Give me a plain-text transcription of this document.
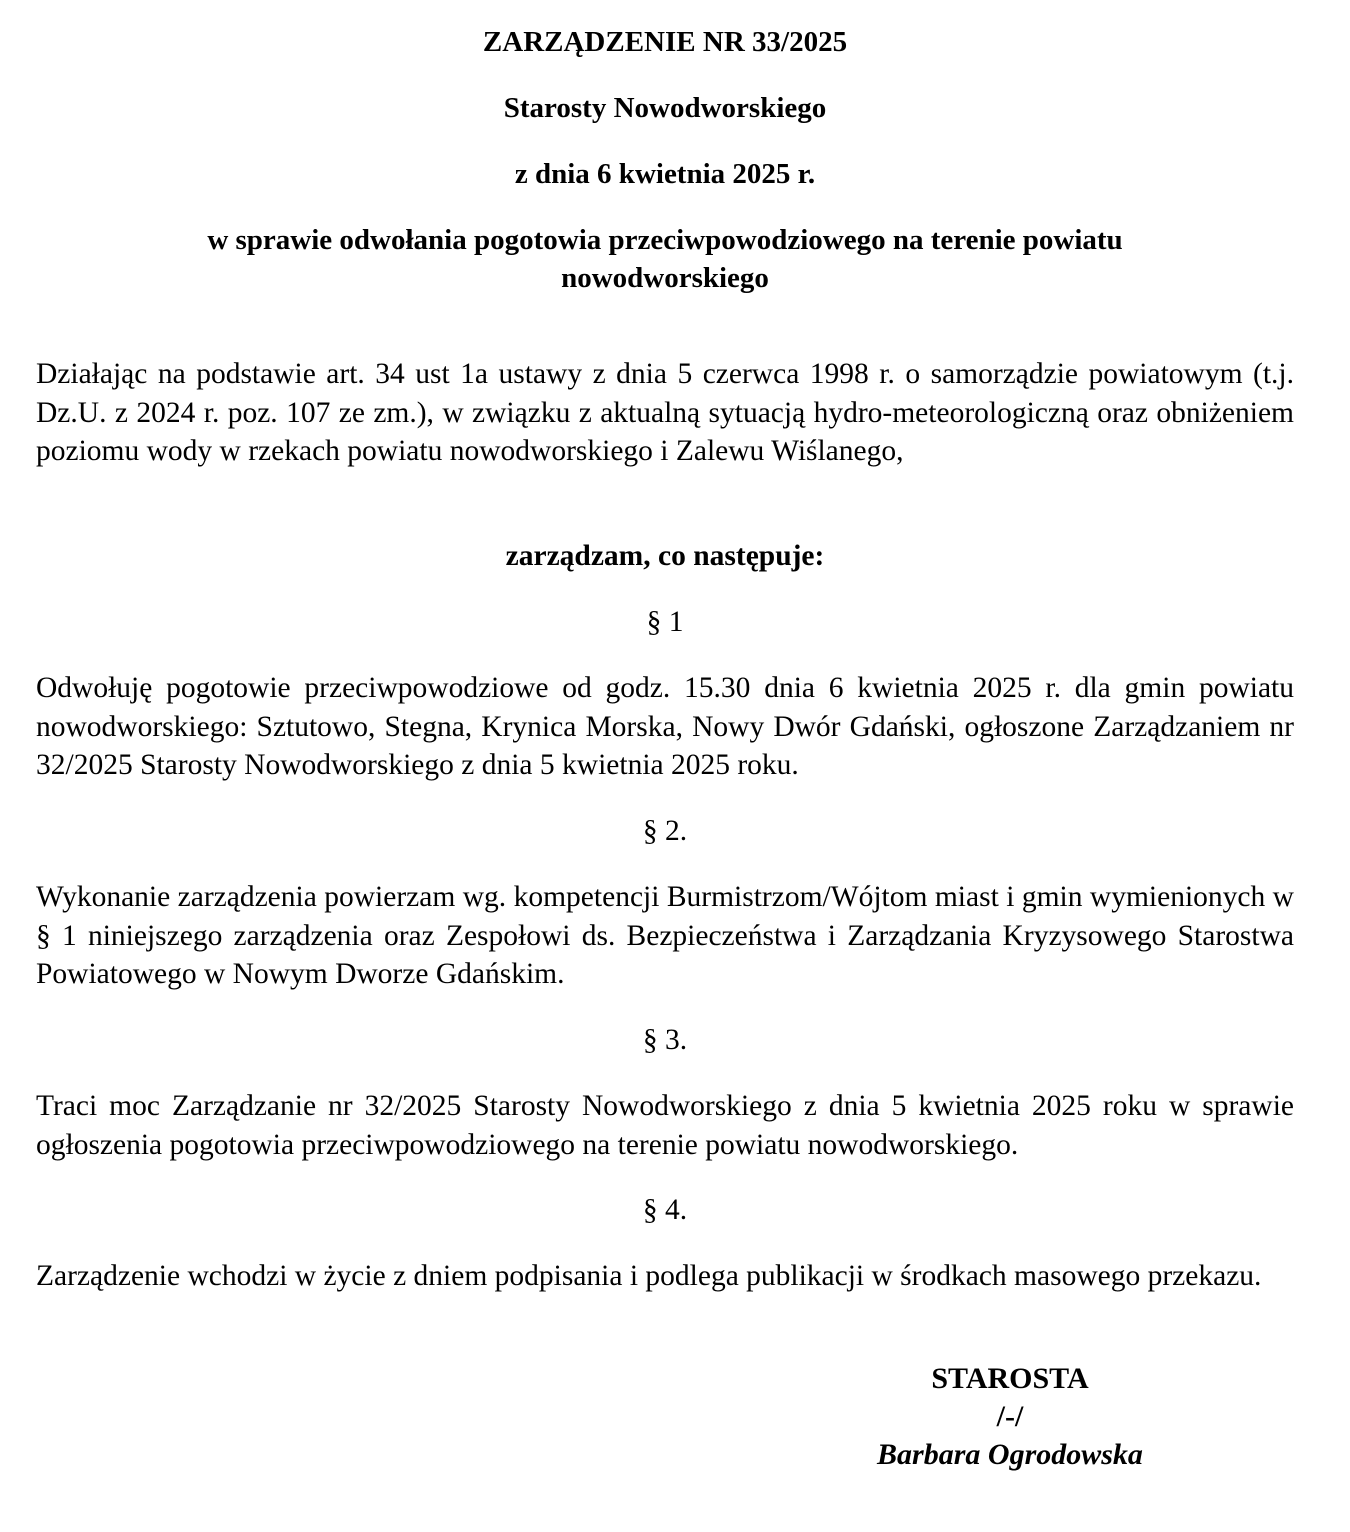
ZARZĄDZENIE NR 33/2025
Starosty Nowodworskiego
z dnia 6 kwietnia 2025 r.
w sprawie odwołania pogotowia przeciwpowodziowego na terenie powiatu
nowodworskiego

Działając na podstawie art. 34 ust 1a ustawy z dnia 5 czerwca 1998 r. o samorządzie powiatowym (t.j. Dz.U. z 2024 r. poz. 107 ze zm.), w związku z aktualną sytuacją hydro-meteorologiczną oraz obniżeniem poziomu wody w rzekach powiatu nowodworskiego i Zalewu Wiślanego,

zarządzam, co następuje:
§ 1

Odwołuję pogotowie przeciwpowodziowe od godz. 15.30 dnia 6 kwietnia 2025 r. dla gmin powiatu nowodworskiego: Sztutowo, Stegna, Krynica Morska, Nowy Dwór Gdański, ogłoszone Zarządzaniem nr 32/2025 Starosty Nowodworskiego z dnia 5 kwietnia 2025 roku.

§ 2.

Wykonanie zarządzenia powierzam wg. kompetencji Burmistrzom/Wójtom miast i gmin wymienionych w § 1 niniejszego zarządzenia oraz Zespołowi ds. Bezpieczeństwa i Zarządzania Kryzysowego Starostwa Powiatowego w Nowym Dworze Gdańskim.

§ 3.

Traci moc Zarządzanie nr 32/2025 Starosty Nowodworskiego z dnia 5 kwietnia 2025 roku w sprawie ogłoszenia pogotowia przeciwpowodziowego na terenie powiatu nowodworskiego.

§ 4.

Zarządzenie wchodzi w życie z dniem podpisania i podlega publikacji w środkach masowego przekazu.

STAROSTA
/-/
Barbara Ogrodowska
